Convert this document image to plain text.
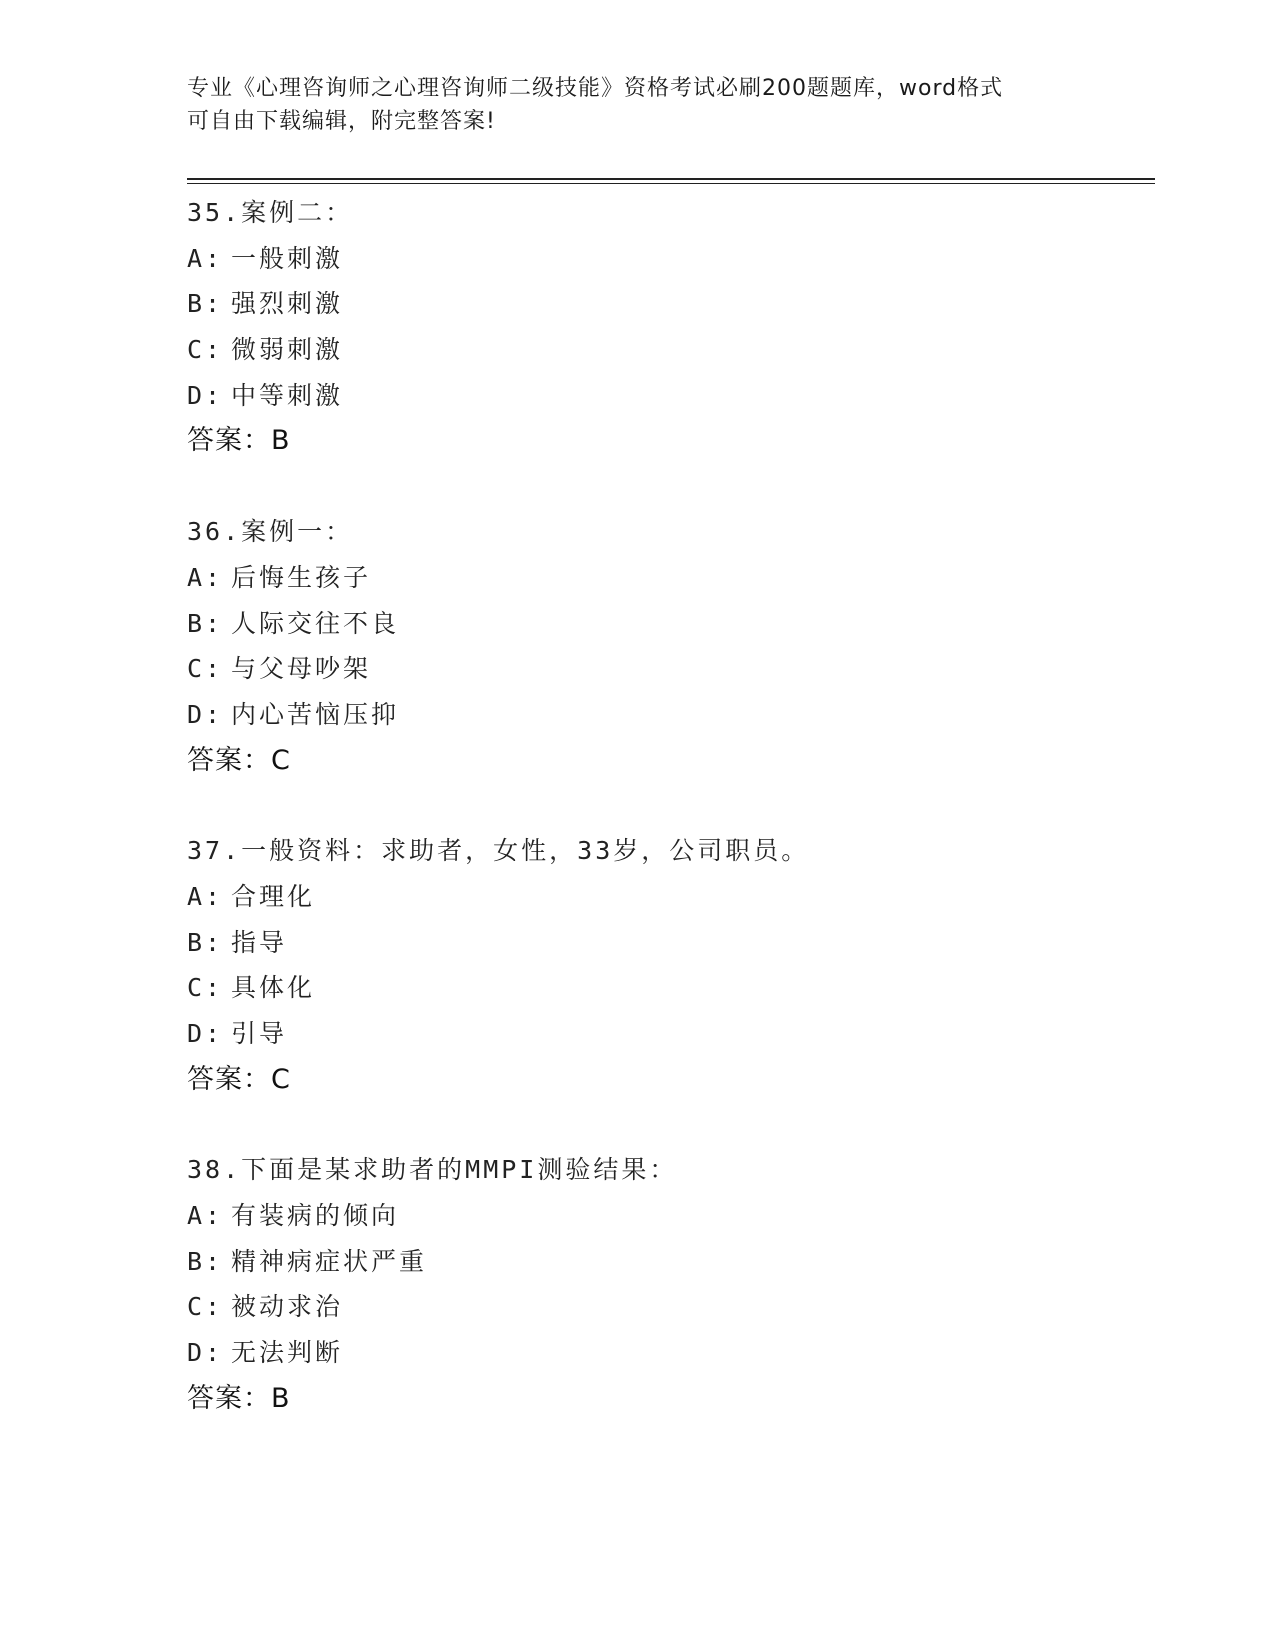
专业《心理咨询师之心理咨询师二级技能》资格考试必刷200题题库，word格式
可自由下载编辑，附完整答案!
35.案例二：
A: 一般刺激
B: 强烈刺激
C: 微弱刺激
D: 中等刺激
答案：B
36.案例一：
A: 后悔生孩子
B: 人际交往不良
C: 与父母吵架
D: 内心苦恼压抑
答案：C
37.一般资料：求助者，女性，33岁，公司职员。
A: 合理化
B: 指导
C: 具体化
D: 引导
答案：C
38.下面是某求助者的MMPI测验结果：
A: 有装病的倾向
B: 精神病症状严重
C: 被动求治
D: 无法判断
答案：B
